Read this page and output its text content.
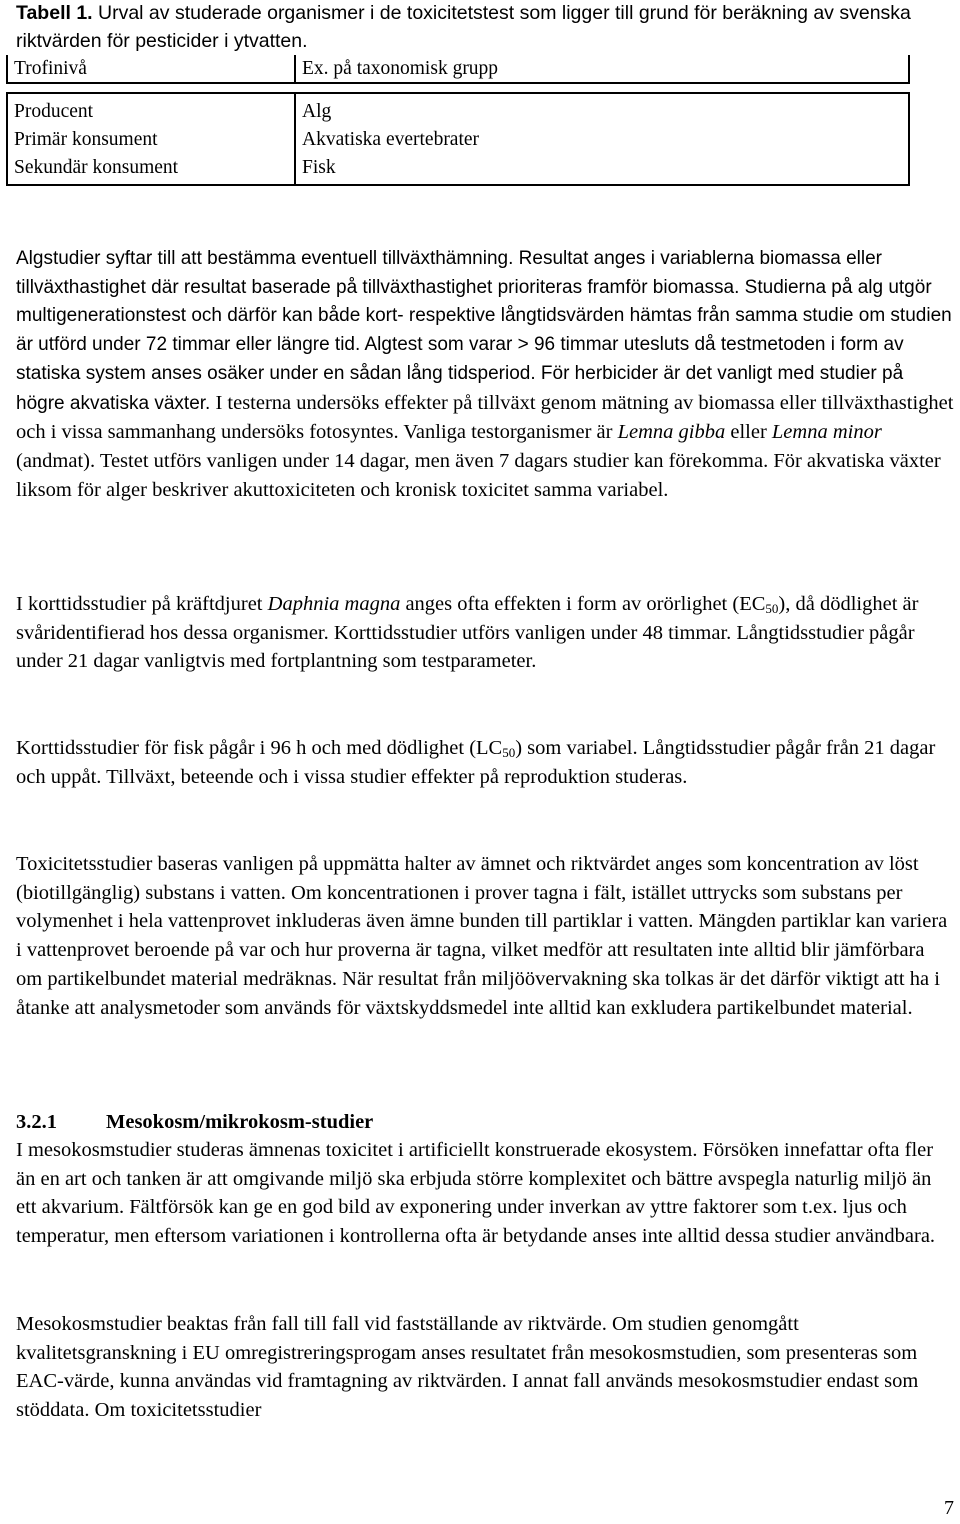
Tabell 1. Urval av studerade organismer i de toxicitetstest som ligger till grund för beräkning av svenska riktvärden för pesticider i ytvatten.
Trofinivå	Ex. på taxonomisk grupp

Producent	Alg
Primär konsument	Akvatiska evertebrater
Sekundär konsument	Fisk

Algstudier syftar till att bestämma eventuell tillväxthämning. Resultat anges i variablerna biomassa eller tillväxthastighet där resultat baserade på tillväxthastighet prioriteras framför biomassa. Studierna på alg utgör multigenerationstest och därför kan både kort- respektive långtidsvärden hämtas från samma studie om studien är utförd under 72 timmar eller längre tid. Algtest som varar > 96 timmar utesluts då testmetoden i form av statiska system anses osäker under en sådan lång tidsperiod. För herbicider är det vanligt med studier på högre akvatiska växter. I testerna undersöks effekter på tillväxt genom mätning av biomassa eller tillväxthastighet och i vissa sammanhang undersöks fotosyntes. Vanliga testorganismer är Lemna gibba eller Lemna minor (andmat). Testet utförs vanligen under 14 dagar, men även 7 dagars studier kan förekomma. För akvatiska växter liksom för alger beskriver akuttoxiciteten och kronisk toxicitet samma variabel.

I korttidsstudier på kräftdjuret Daphnia magna anges ofta effekten i form av orörlighet $(EC_{50})$, då dödlighet är svåridentifierad hos dessa organismer. Korttidsstudier utförs vanligen under 48 timmar. Långtidsstudier pågår under 21 dagar vanligtvis med fortplantning som testparameter.

Korttidsstudier för fisk pågår i 96 h och med dödlighet $(LC_{50})$ som variabel. Långtidsstudier pågår från 21 dagar och uppåt. Tillväxt, beteende och i vissa studier effekter på reproduktion studeras.

Toxicitetsstudier baseras vanligen på uppmätta halter av ämnet och riktvärdet anges som koncentration av löst (biotillgänglig) substans i vatten. Om koncentrationen i prover tagna i fält, istället uttrycks som substans per volymenhet i hela vattenprovet inkluderas även ämne bunden till partiklar i vatten. Mängden partiklar kan variera i vattenprovet beroende på var och hur proverna är tagna, vilket medför att resultaten inte alltid blir jämförbara om partikelbundet material medräknas. När resultat från miljöövervakning ska tolkas är det därför viktigt att ha i åtanke att analysmetoder som används för växtskyddsmedel inte alltid kan exkludera partikelbundet material.

3.2.1 Mesokosm/mikrokosm-studier

I mesokosmstudier studeras ämnenas toxicitet i artificiellt konstruerade ekosystem. Försöken innefattar ofta fler än en art och tanken är att omgivande miljö ska erbjuda större komplexitet och bättre avspegla naturlig miljö än ett akvarium. Fältförsök kan ge en god bild av exponering under inverkan av yttre faktorer som t.ex. ljus och temperatur, men eftersom variationen i kontrollerna ofta är betydande anses inte alltid dessa studier användbara.

Mesokosmstudier beaktas från fall till fall vid fastställande av riktvärde. Om studien genomgått kvalitetsgranskning i EU omregistreringsprogam anses resultatet från mesokosmstudien, som presenteras som EAC-värde, kunna användas vid framtagning av riktvärden. I annat fall används mesokosmstudier endast som stöddata. Om toxicitetsstudier

7
